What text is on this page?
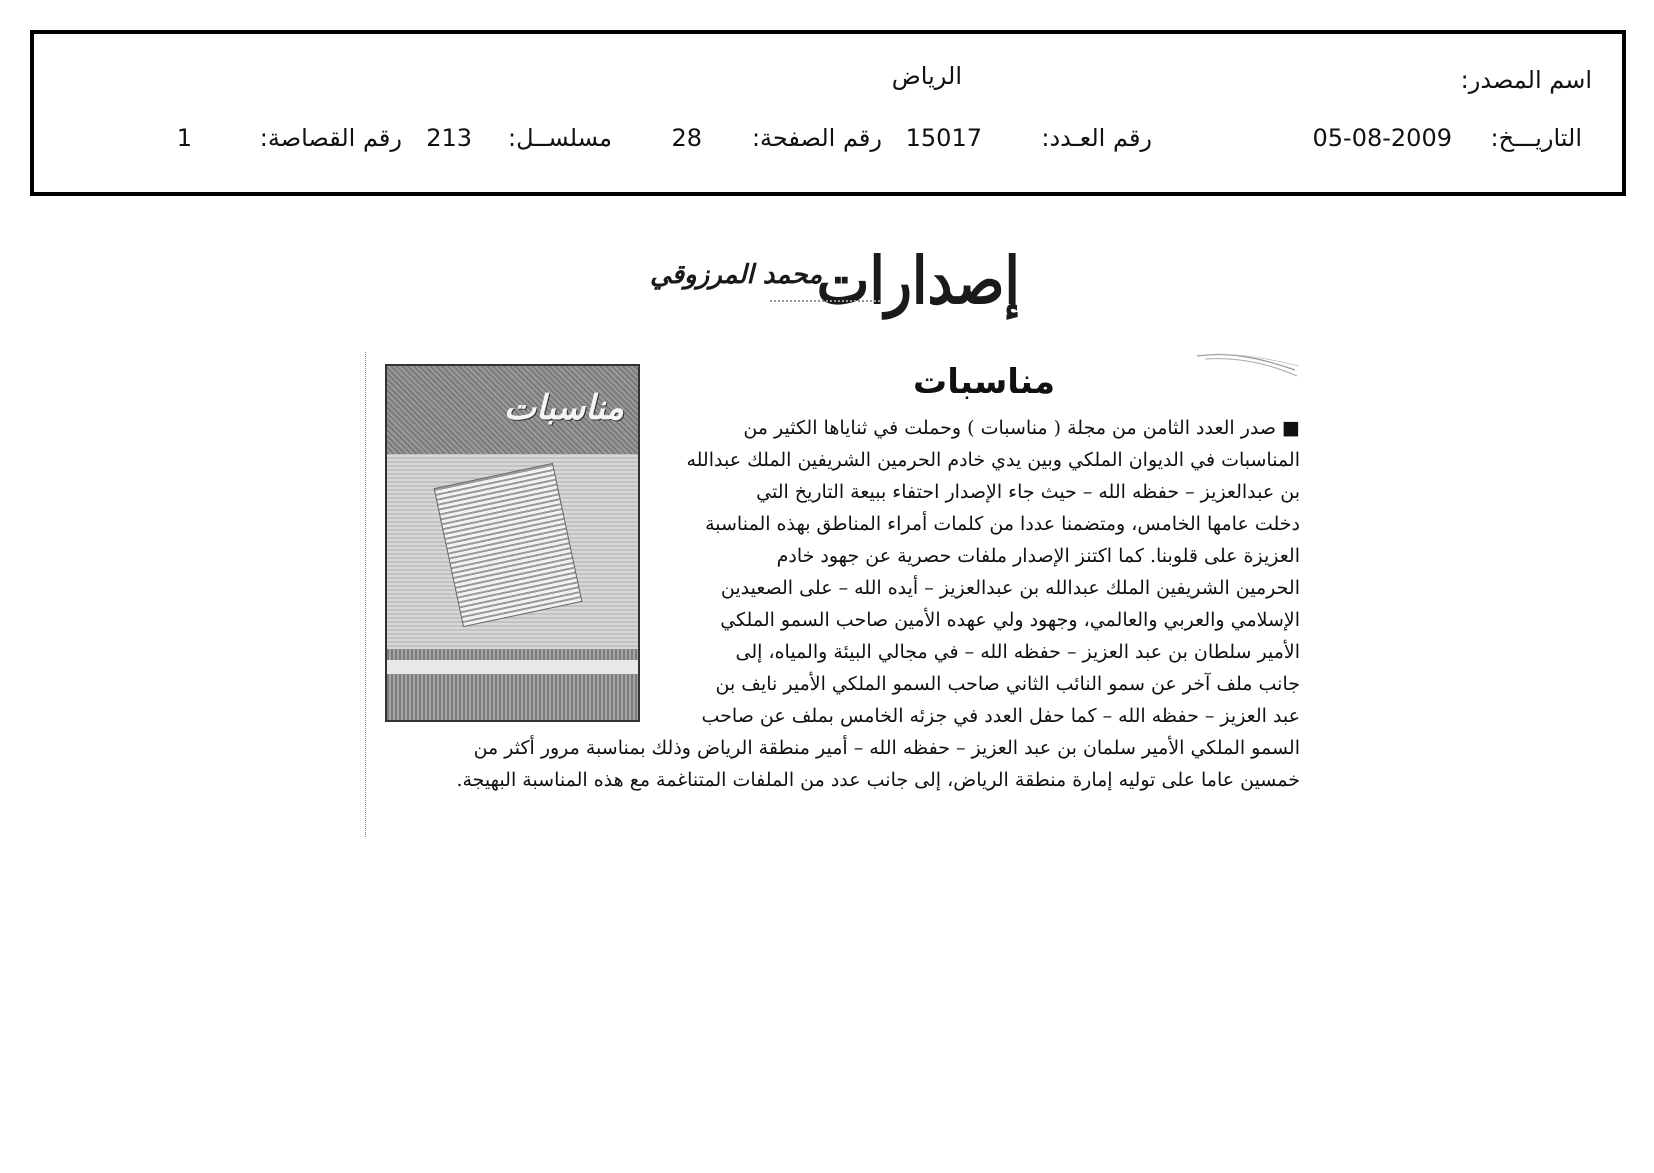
اسم المصدر:
الرياض
التاريـــخ:
05-08-2009
رقم العـدد:
15017
رقم الصفحة:
28
مسلســل:
213
رقم القصاصة:
1
إصدارات
محمد المرزوقي
مناسبات
مناسبات	■ صدر العدد الثامن من مجلة ( مناسبات ) وحملت في ثناياها الكثير من
المناسبات في الديوان الملكي وبين يدي خادم الحرمين الشريفين الملك عبدالله
بن عبدالعزيز – حفظه الله – حيث جاء الإصدار احتفاء ببيعة التاريخ التي
دخلت عامها الخامس، ومتضمنا عددا من كلمات أمراء المناطق بهذه المناسبة
العزيزة على قلوبنا. كما اكتنز الإصدار ملفات حصرية عن جهود خادم
الحرمين الشريفين الملك عبدالله بن عبدالعزيز – أيده الله – على الصعيدين
الإسلامي والعربي والعالمي، وجهود ولي عهده الأمين صاحب السمو الملكي
الأمير سلطان بن عبد العزيز – حفظه الله – في مجالي البيئة والمياه، إلى
جانب ملف آخر عن سمو النائب الثاني صاحب السمو الملكي الأمير نايف بن
عبد العزيز – حفظه الله – كما حفل العدد في جزئه الخامس بملف عن صاحب
السمو الملكي الأمير سلمان بن عبد العزيز – حفظه الله – أمير منطقة الرياض وذلك بمناسبة مرور أكثر من
خمسين عاما على توليه إمارة منطقة الرياض، إلى جانب عدد من الملفات المتناغمة مع هذه المناسبة البهيجة.
